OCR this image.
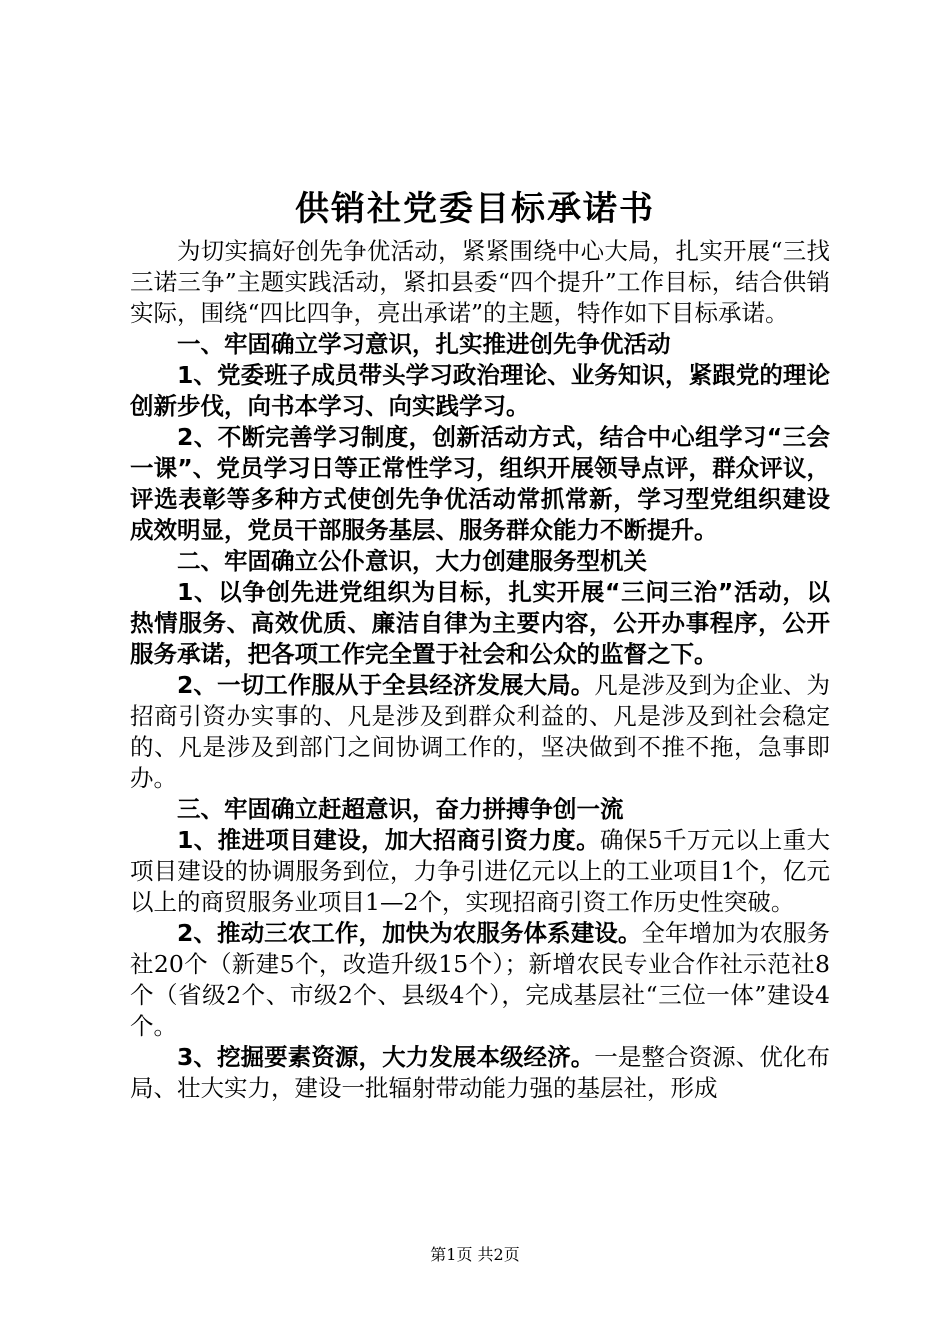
供销社党委目标承诺书

为切实搞好创先争优活动，紧紧围绕中心大局，扎实开展“三找三诺三争”主题实践活动，紧扣县委“四个提升”工作目标，结合供销实际，围绕“四比四争，亮出承诺”的主题，特作如下目标承诺。

一、牢固确立学习意识，扎实推进创先争优活动

1、党委班子成员带头学习政治理论、业务知识，紧跟党的理论创新步伐，向书本学习、向实践学习。

2、不断完善学习制度，创新活动方式，结合中心组学习“三会一课”、党员学习日等正常性学习，组织开展领导点评，群众评议，评选表彰等多种方式使创先争优活动常抓常新，学习型党组织建设成效明显，党员干部服务基层、服务群众能力不断提升。

二、牢固确立公仆意识，大力创建服务型机关

1、以争创先进党组织为目标，扎实开展“三问三治”活动，以热情服务、高效优质、廉洁自律为主要内容，公开办事程序，公开服务承诺，把各项工作完全置于社会和公众的监督之下。

2、一切工作服从于全县经济发展大局。凡是涉及到为企业、为招商引资办实事的、凡是涉及到群众利益的、凡是涉及到社会稳定的、凡是涉及到部门之间协调工作的，坚决做到不推不拖，急事即办。

三、牢固确立赶超意识，奋力拼搏争创一流

1、推进项目建设，加大招商引资力度。确保5千万元以上重大项目建设的协调服务到位，力争引进亿元以上的工业项目1个，亿元以上的商贸服务业项目1—2个，实现招商引资工作历史性突破。

2、推动三农工作，加快为农服务体系建设。全年增加为农服务社20个（新建5个，改造升级15个）；新增农民专业合作社示范社8个（省级2个、市级2个、县级4个），完成基层社“三位一体”建设4个。

3、挖掘要素资源，大力发展本级经济。一是整合资源、优化布局、壮大实力，建设一批辐射带动能力强的基层社，形成

第1页 共2页
